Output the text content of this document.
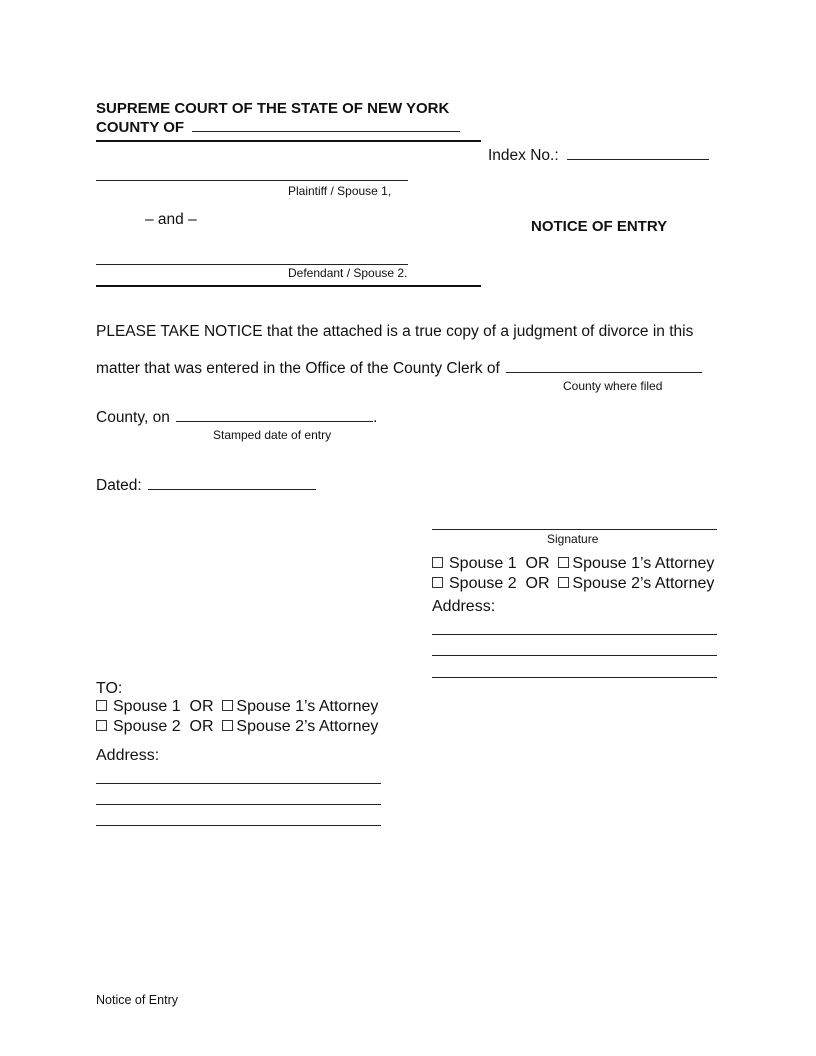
SUPREME COURT OF THE STATE OF NEW YORK
COUNTY OF
Index No.:
Plaintiff / Spouse 1,
– and –	NOTICE OF ENTRY
Defendant / Spouse 2.
PLEASE TAKE NOTICE that the attached is a true copy of a judgment of divorce in this
matter that was entered in the Office of the County Clerk of
County where filed
County, on	.
Stamped date of entry
Dated:
Signature
Spouse 1 OR Spouse 1’s Attorney
Spouse 2 OR Spouse 2’s Attorney
Address:
TO:
Spouse 1 OR Spouse 1’s Attorney
Spouse 2 OR Spouse 2’s Attorney
Address:
Notice of Entry
